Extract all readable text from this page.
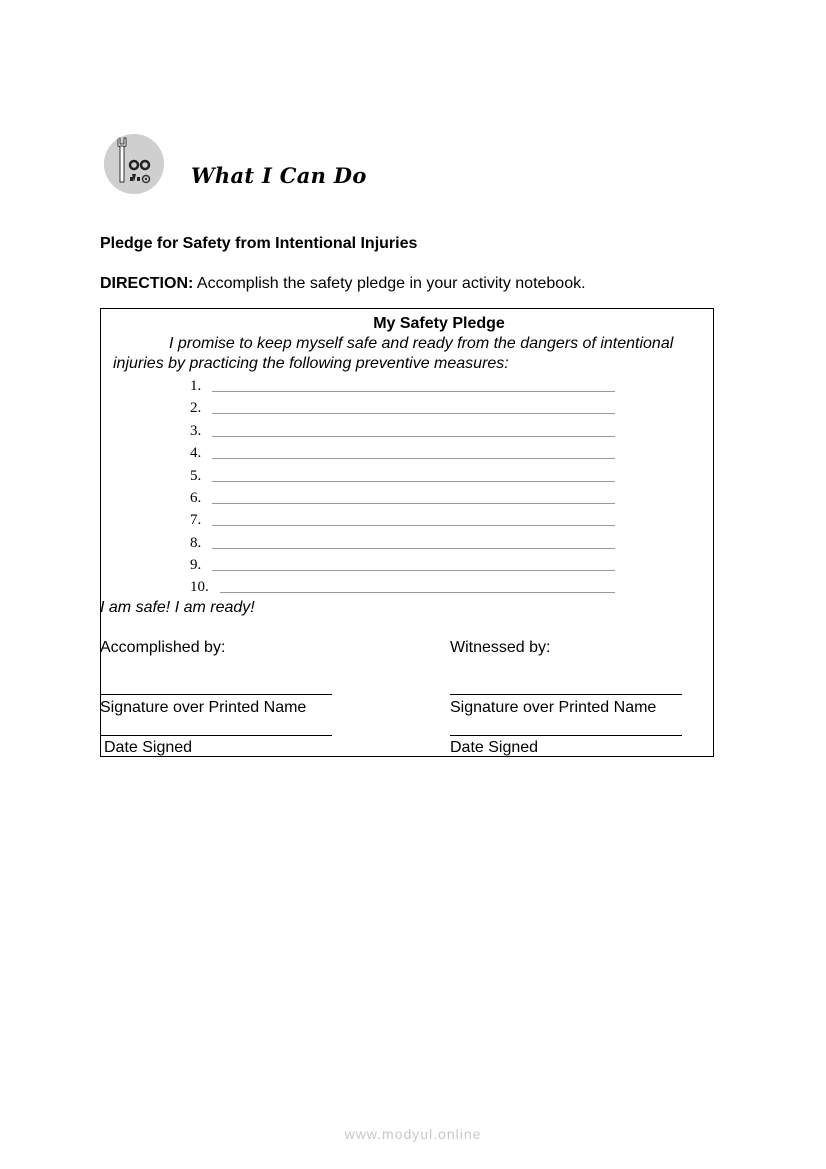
What I Can Do
Pledge for Safety from Intentional Injuries
DIRECTION: Accomplish the safety pledge in your activity notebook.
My Safety Pledge
I promise to keep myself safe and ready from the dangers of intentional
injuries by practicing the following preventive measures:
1.
2.
3.
4.
5.
6.
7.
8.
9.
10.
I am safe! I am ready!
Accomplished by:	Witnessed by:
Signature over Printed Name	Signature over Printed Name
Date Signed	Date Signed
www.modyul.online
